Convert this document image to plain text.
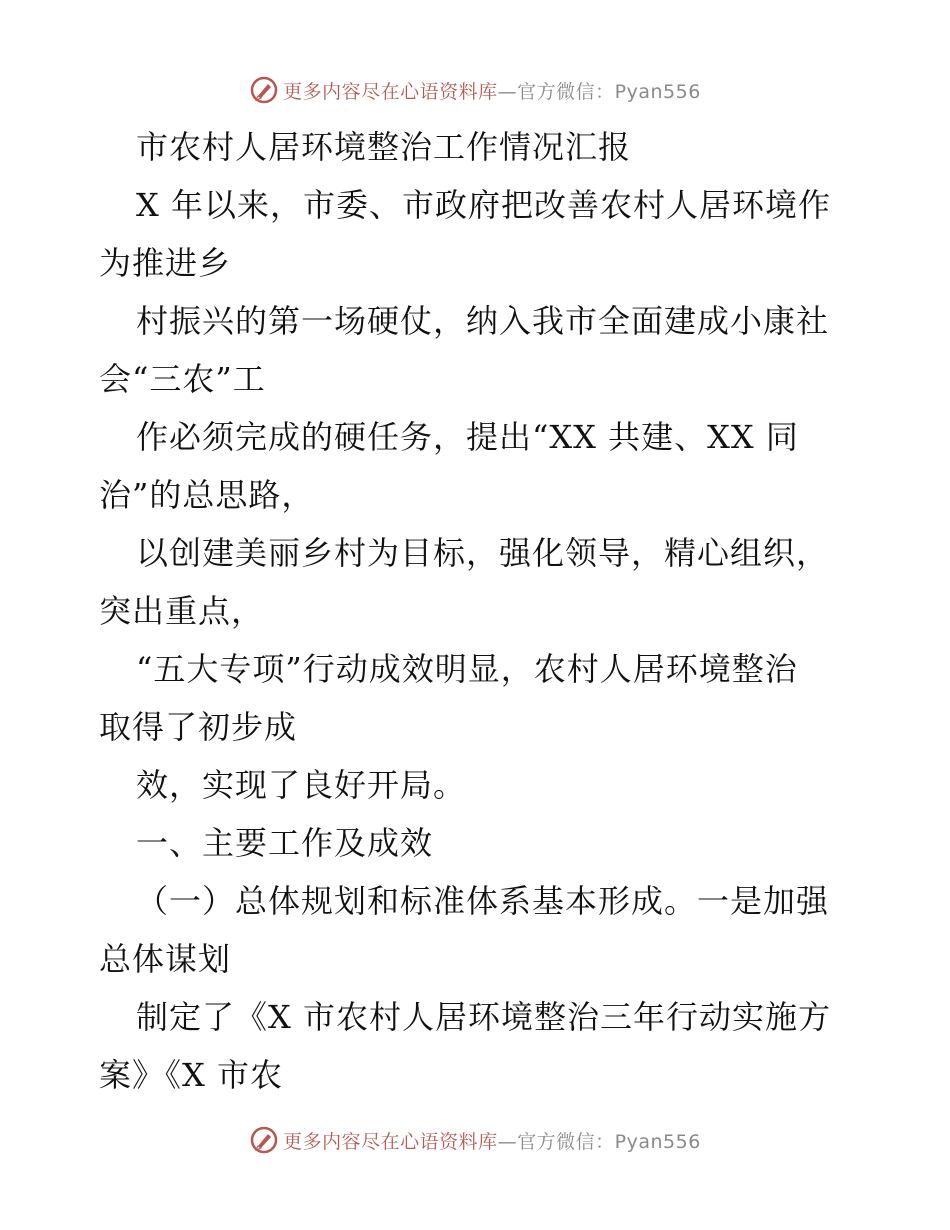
更多内容尽在心语资料库—官方微信：Pyan556
市农村人居环境整治工作情况汇报
X 年以来，市委、市政府把改善农村人居环境作
为推进乡
村振兴的第一场硬仗，纳入我市全面建成小康社
会“三农”工
作必须完成的硬任务，提出“XX 共建、XX 同
治”的总思路，
以创建美丽乡村为目标，强化领导，精心组织，
突出重点，
“五大专项”行动成效明显，农村人居环境整治
取得了初步成
效，实现了良好开局。
一、主要工作及成效
（一）总体规划和标准体系基本形成。一是加强
总体谋划
制定了《X 市农村人居环境整治三年行动实施方
案》《X 市农
更多内容尽在心语资料库—官方微信：Pyan556
